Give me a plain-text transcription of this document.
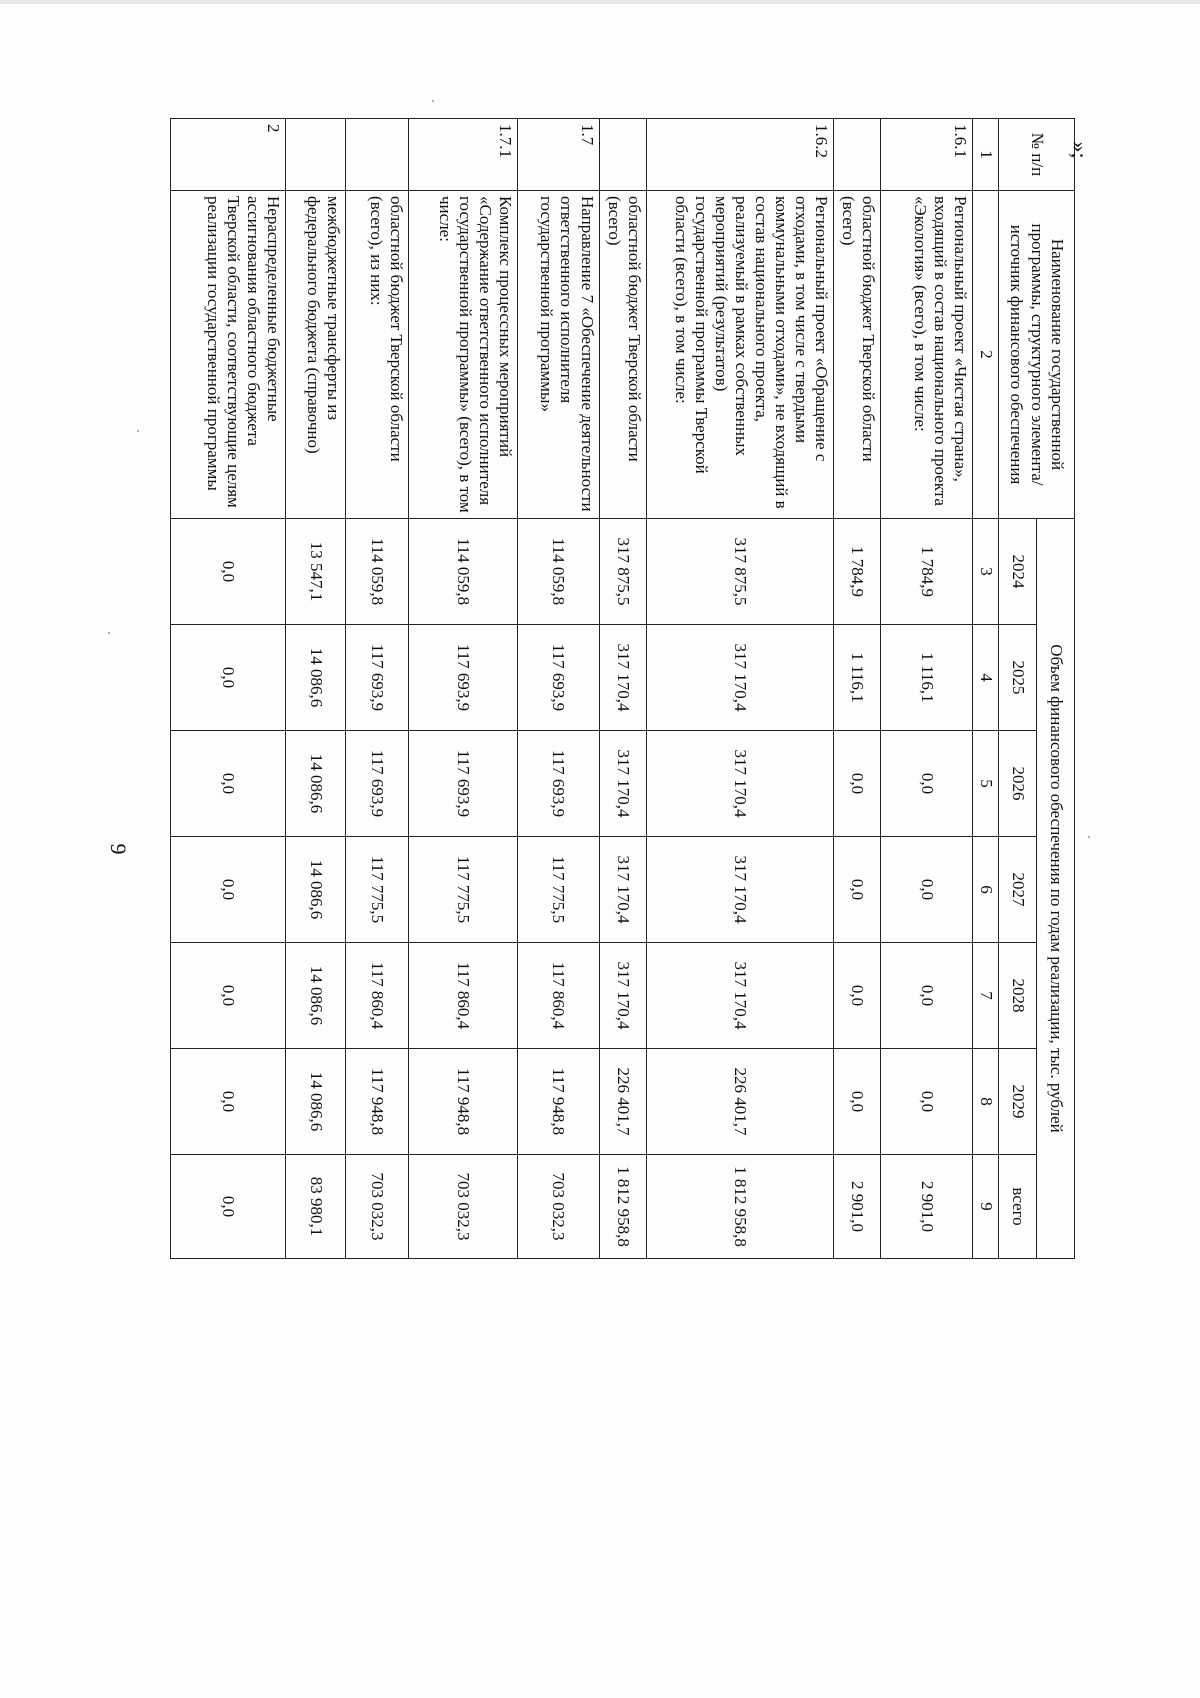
9
№ п/п	Наименование государственной программы, структурного элемента/источник финансового обеспечения	Объем финансового обеспечения по годам реализации, тыс. рублей						
		2024	2025	2026	2027	2028	2029	всего
1	2	3	4	5	6	7	8	9
1.6.1	Региональный проект «Чистая страна», входящий в состав национального проекта «Экология» (всего), в том числе:	1 784,9	1 116,1	0,0	0,0	0,0	0,0	2 901,0
	областной бюджет Тверской области (всего)	1 784,9	1 116,1	0,0	0,0	0,0	0,0	2 901,0
1.6.2	Региональный проект «Обращение с отходами, в том числе с твердыми коммунальными отходами», не входящий в состав национального проекта, реализуемый в рамках собственных мероприятий (результатов) государственной программы Тверской области (всего), в том числе:	317 875,5	317 170,4	317 170,4	317 170,4	317 170,4	226 401,7	1 812 958,8
	областной бюджет Тверской области (всего)	317 875,5	317 170,4	317 170,4	317 170,4	317 170,4	226 401,7	1 812 958,8
1.7	Направление 7 «Обеспечение деятельности ответственного исполнителя государственной программы»	114 059,8	117 693,9	117 693,9	117 775,5	117 860,4	117 948,8	703 032,3
1.7.1	Комплекс процессных мероприятий «Содержание ответственного исполнителя государственной программы» (всего), в том числе:	114 059,8	117 693,9	117 693,9	117 775,5	117 860,4	117 948,8	703 032,3
	областной бюджет Тверской области (всего), из них:	114 059,8	117 693,9	117 693,9	117 775,5	117 860,4	117 948,8	703 032,3
	межбюджетные трансферты из федерального бюджета (справочно)	13 547,1	14 086,6	14 086,6	14 086,6	14 086,6	14 086,6	83 980,1
2	Нераспределенные бюджетные ассигнования областного бюджета Тверской области, соответствующие целям реализации государственной программы	0,0	0,0	0,0	0,0	0,0	0,0	0,0
»;
